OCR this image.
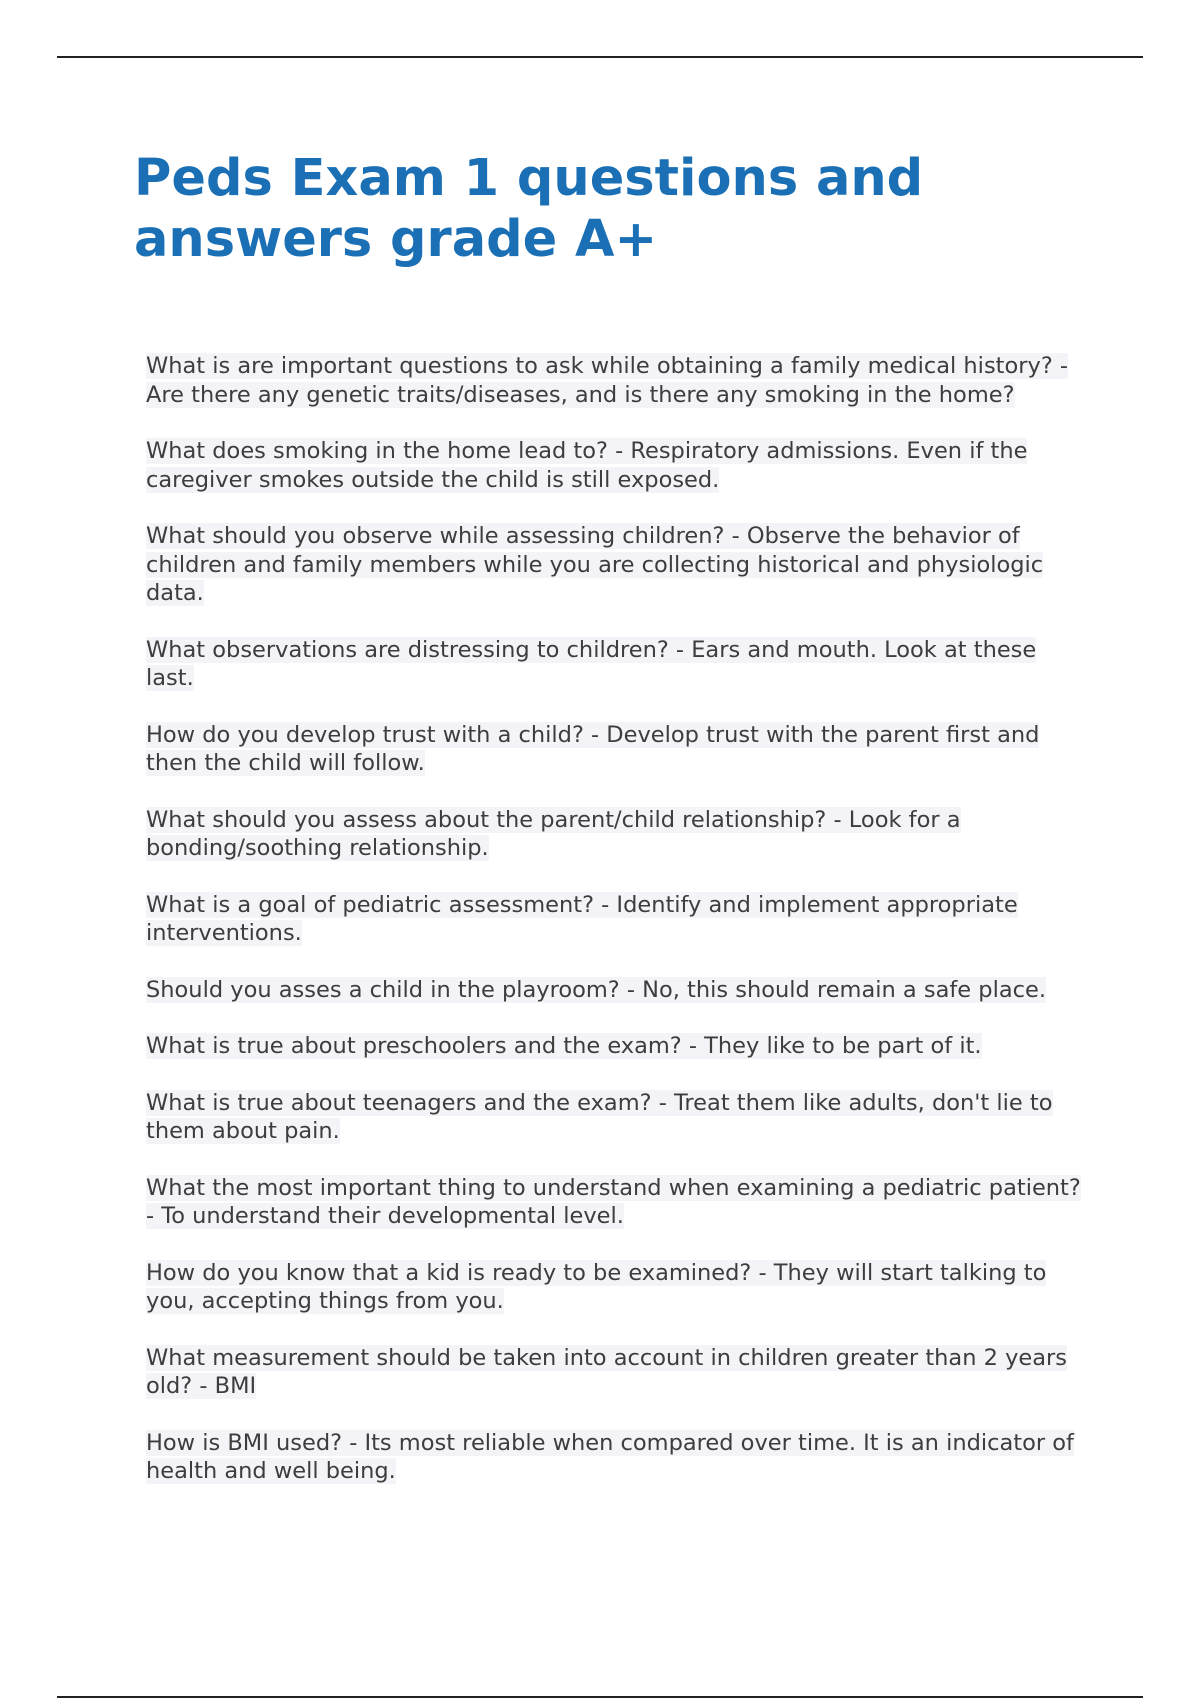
Peds Exam 1 questions and answers grade A+
What is are important questions to ask while obtaining a family medical history? - Are there any genetic traits/diseases, and is there any smoking in the home?
What does smoking in the home lead to? - Respiratory admissions. Even if the caregiver smokes outside the child is still exposed.
What should you observe while assessing children? - Observe the behavior of children and family members while you are collecting historical and physiologic data.
What observations are distressing to children? - Ears and mouth. Look at these last.
How do you develop trust with a child? - Develop trust with the parent first and then the child will follow.
What should you assess about the parent/child relationship? - Look for a bonding/soothing relationship.
What is a goal of pediatric assessment? - Identify and implement appropriate interventions.
Should you asses a child in the playroom? - No, this should remain a safe place.
What is true about preschoolers and the exam? - They like to be part of it.
What is true about teenagers and the exam? - Treat them like adults, don't lie to them about pain.
What the most important thing to understand when examining a pediatric patient? - To understand their developmental level.
How do you know that a kid is ready to be examined? - They will start talking to you, accepting things from you.
What measurement should be taken into account in children greater than 2 years old? - BMI
How is BMI used? - Its most reliable when compared over time. It is an indicator of health and well being.
